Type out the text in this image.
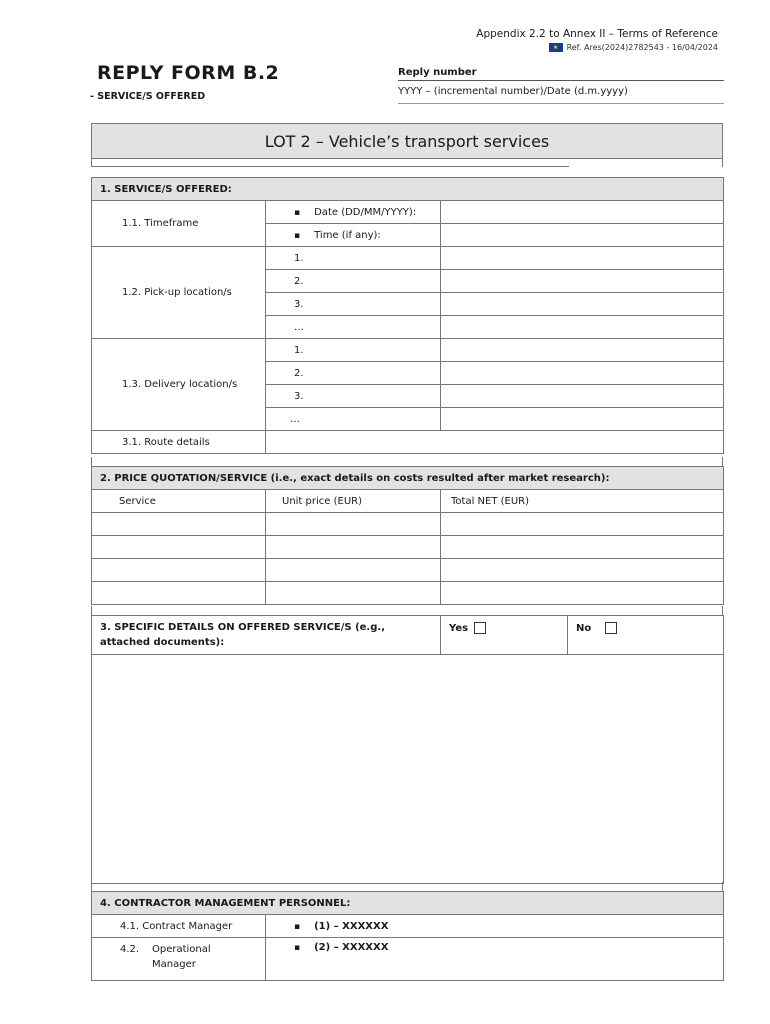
Appendix 2.2 to Annex II – Terms of Reference
★	Ref. Ares(2024)2782543 - 16/04/2024
REPLY FORM B.2
- SERVICE/S OFFERED
Reply number
YYYY – (incremental number)/Date (d.m.yyyy)
LOT 2 – Vehicle’s transport services
1. SERVICE/S OFFERED:		
1.1. Timeframe	▪ Date (DD/MM/YYYY):	
	▪ Time (if any):	
1.2. Pick-up location/s	1.	
	2.	
	3.	
	…	
1.3. Delivery location/s	1.	
	2.	
	3.	
	…	
3.1. Route details		
2. PRICE QUOTATION/SERVICE (i.e., exact details on costs resulted after market research):		
Service	Unit price (EUR)	Total NET (EUR)

3. SPECIFIC DETAILS ON OFFERED SERVICE/S (e.g., attached documents):	Yes	No

4. CONTRACTOR MANAGEMENT PERSONNEL:	
4.1. Contract Manager	▪ (1) – XXXXXX

4.2. Operational Manager	▪ (2) – XXXXXX
